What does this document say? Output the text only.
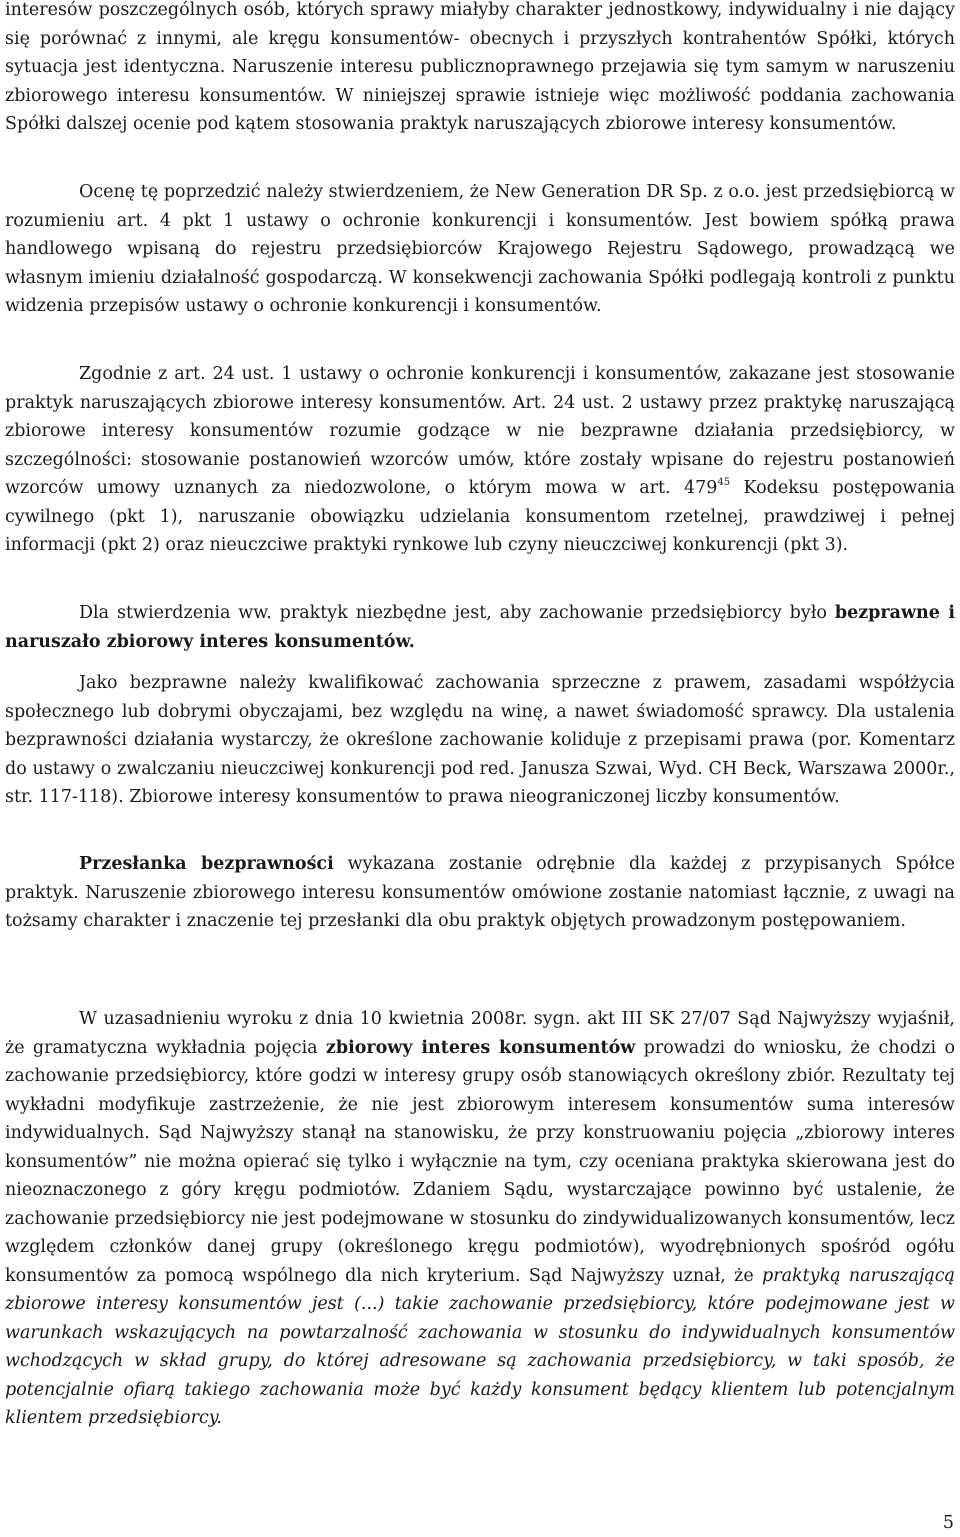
interesów poszczególnych osób, których sprawy miałyby charakter jednostkowy, indywidualny i nie dający się porównać z innymi, ale kręgu konsumentów- obecnych i przyszłych kontrahentów Spółki, których sytuacja jest identyczna. Naruszenie interesu publicznoprawnego przejawia się tym samym w naruszeniu zbiorowego interesu konsumentów. W niniejszej sprawie istnieje więc możliwość poddania zachowania Spółki dalszej ocenie pod kątem stosowania praktyk naruszających zbiorowe interesy konsumentów.

Ocenę tę poprzedzić należy stwierdzeniem, że New Generation DR Sp. z o.o. jest przedsiębiorcą w rozumieniu art. 4 pkt 1 ustawy o ochronie konkurencji i konsumentów. Jest bowiem spółką prawa handlowego wpisaną do rejestru przedsiębiorców Krajowego Rejestru Sądowego, prowadzącą we własnym imieniu działalność gospodarczą. W konsekwencji zachowania Spółki podlegają kontroli z punktu widzenia przepisów ustawy o ochronie konkurencji i konsumentów.

Zgodnie z art. 24 ust. 1 ustawy o ochronie konkurencji i konsumentów, zakazane jest stosowanie praktyk naruszających zbiorowe interesy konsumentów. Art. 24 ust. 2 ustawy przez praktykę naruszającą zbiorowe interesy konsumentów rozumie godzące w nie bezprawne działania przedsiębiorcy, w szczególności: stosowanie postanowień wzorców umów, które zostały wpisane do rejestru postanowień wzorców umowy uznanych za niedozwolone, o którym mowa w art. $479^{45}$ Kodeksu postępowania cywilnego (pkt 1), naruszanie obowiązku udzielania konsumentom rzetelnej, prawdziwej i pełnej informacji (pkt 2) oraz nieuczciwe praktyki rynkowe lub czyny nieuczciwej konkurencji (pkt 3).

Dla stwierdzenia ww. praktyk niezbędne jest, aby zachowanie przedsiębiorcy było bezprawne i naruszało zbiorowy interes konsumentów.

Jako bezprawne należy kwalifikować zachowania sprzeczne z prawem, zasadami współżycia społecznego lub dobrymi obyczajami, bez względu na winę, a nawet świadomość sprawcy. Dla ustalenia bezprawności działania wystarczy, że określone zachowanie koliduje z przepisami prawa (por. Komentarz do ustawy o zwalczaniu nieuczciwej konkurencji pod red. Janusza Szwai, Wyd. CH Beck, Warszawa 2000r., str. 117-118). Zbiorowe interesy konsumentów to prawa nieograniczonej liczby konsumentów.

Przesłanka bezprawności wykazana zostanie odrębnie dla każdej z przypisanych Spółce praktyk. Naruszenie zbiorowego interesu konsumentów omówione zostanie natomiast łącznie, z uwagi na tożsamy charakter i znaczenie tej przesłanki dla obu praktyk objętych prowadzonym postępowaniem.

W uzasadnieniu wyroku z dnia 10 kwietnia 2008r. sygn. akt III SK 27/07 Sąd Najwyższy wyjaśnił, że gramatyczna wykładnia pojęcia zbiorowy interes konsumentów prowadzi do wniosku, że chodzi o zachowanie przedsiębiorcy, które godzi w interesy grupy osób stanowiących określony zbiór. Rezultaty tej wykładni modyfikuje zastrzeżenie, że nie jest zbiorowym interesem konsumentów suma interesów indywidualnych. Sąd Najwyższy stanął na stanowisku, że przy konstruowaniu pojęcia „zbiorowy interes konsumentów” nie można opierać się tylko i wyłącznie na tym, czy oceniana praktyka skierowana jest do nieoznaczonego z góry kręgu podmiotów. Zdaniem Sądu, wystarczające powinno być ustalenie, że zachowanie przedsiębiorcy nie jest podejmowane w stosunku do zindywidualizowanych konsumentów, lecz względem członków danej grupy (określonego kręgu podmiotów), wyodrębnionych spośród ogółu konsumentów za pomocą wspólnego dla nich kryterium. Sąd Najwyższy uznał, że praktyką naruszającą zbiorowe interesy konsumentów jest (...) takie zachowanie przedsiębiorcy, które podejmowane jest w warunkach wskazujących na powtarzalność zachowania w stosunku do indywidualnych konsumentów wchodzących w skład grupy, do której adresowane są zachowania przedsiębiorcy, w taki sposób, że potencjalnie ofiarą takiego zachowania może być każdy konsument będący klientem lub potencjalnym klientem przedsiębiorcy.

5
